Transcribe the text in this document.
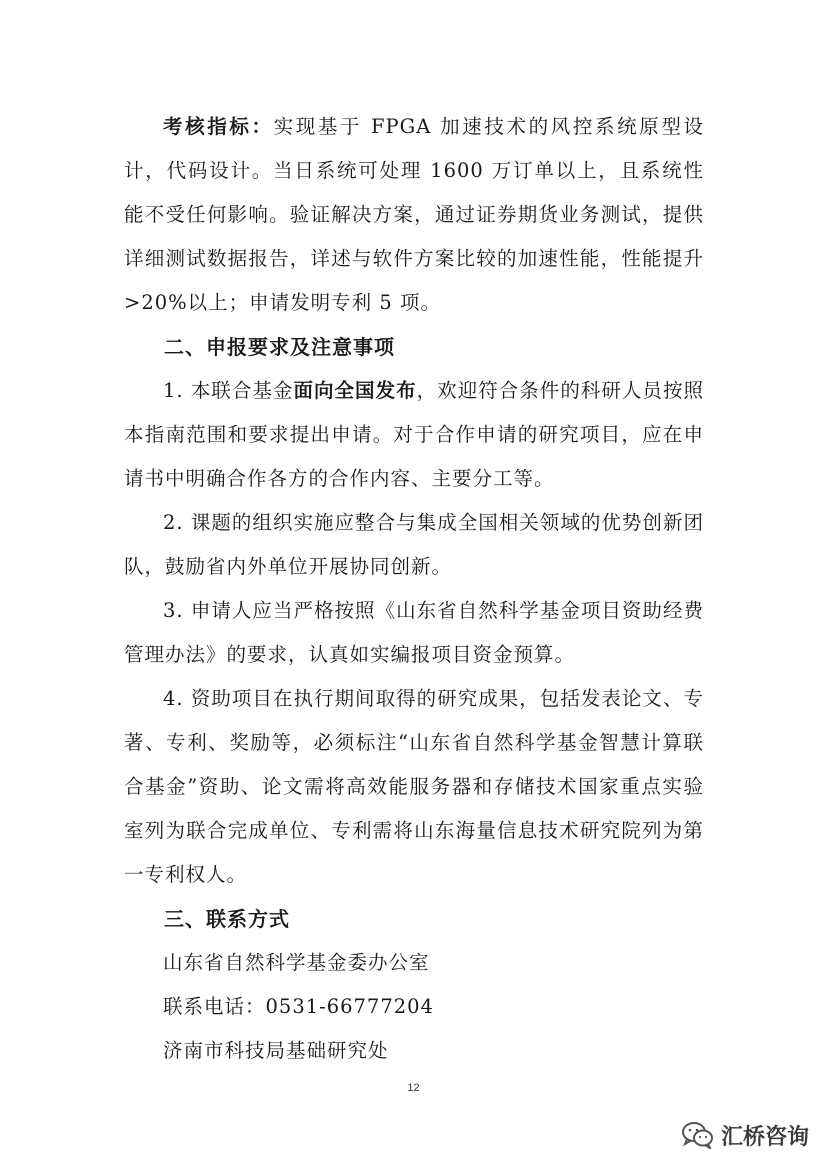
考核指标：实现基于 FPGA 加速技术的风控系统原型设计，代码设计。当日系统可处理 1600 万订单以上，且系统性能不受任何影响。验证解决方案，通过证券期货业务测试，提供详细测试数据报告，详述与软件方案比较的加速性能，性能提升>20%以上；申请发明专利 5 项。

二、申报要求及注意事项

1. 本联合基金面向全国发布，欢迎符合条件的科研人员按照本指南范围和要求提出申请。对于合作申请的研究项目，应在申请书中明确合作各方的合作内容、主要分工等。

2. 课题的组织实施应整合与集成全国相关领域的优势创新团队，鼓励省内外单位开展协同创新。

3. 申请人应当严格按照《山东省自然科学基金项目资助经费管理办法》的要求，认真如实编报项目资金预算。

4. 资助项目在执行期间取得的研究成果，包括发表论文、专著、专利、奖励等，必须标注“山东省自然科学基金智慧计算联合基金”资助、论文需将高效能服务器和存储技术国家重点实验室列为联合完成单位、专利需将山东海量信息技术研究院列为第一专利权人。

三、联系方式

山东省自然科学基金委办公室

联系电话：0531-66777204

济南市科技局基础研究处

12
汇桥咨询
